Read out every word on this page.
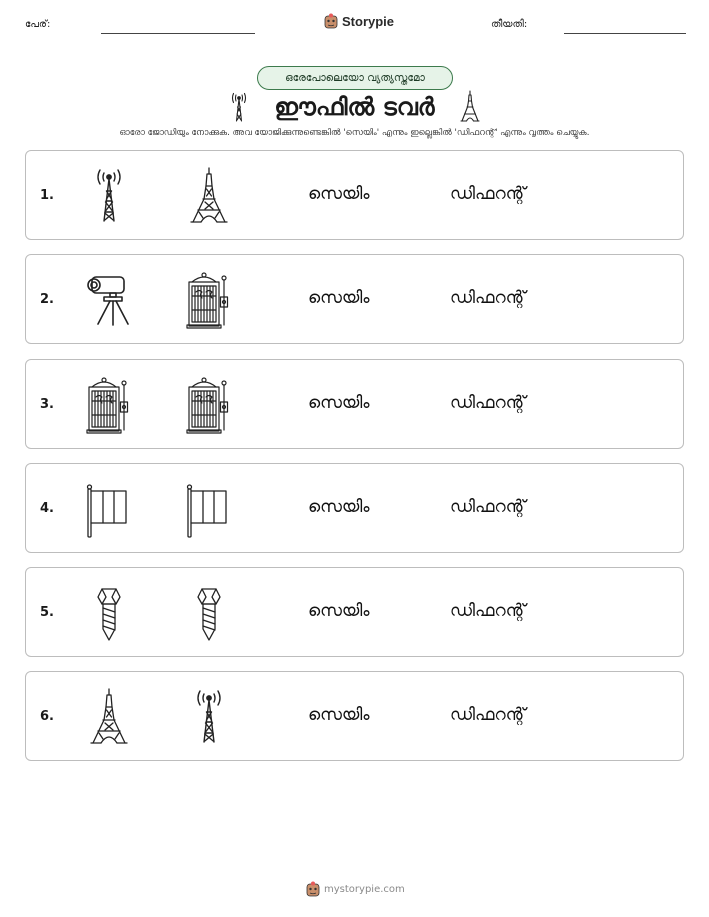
പേര്:	Storypie	തീയതി:
ഒരേപോലെയോ വ്യത്യസ്തമോ
ഈഫിൽ ടവർ
ഓരോ ജോഡിയും നോക്കുക. അവ യോജിക്കുന്നുണ്ടെങ്കിൽ 'സെയിം' എന്നും ഇല്ലെങ്കിൽ 'ഡിഫറന്റ്' എന്നും വൃത്തം ചെയ്യുക.
1.	സെയിം	ഡിഫറന്റ്
2.	സെയിം	ഡിഫറന്റ്
3.	സെയിം	ഡിഫറന്റ്
4.	സെയിം	ഡിഫറന്റ്
5.	സെയിം	ഡിഫറന്റ്
6.	സെയിം	ഡിഫറന്റ്
mystorypie.com
